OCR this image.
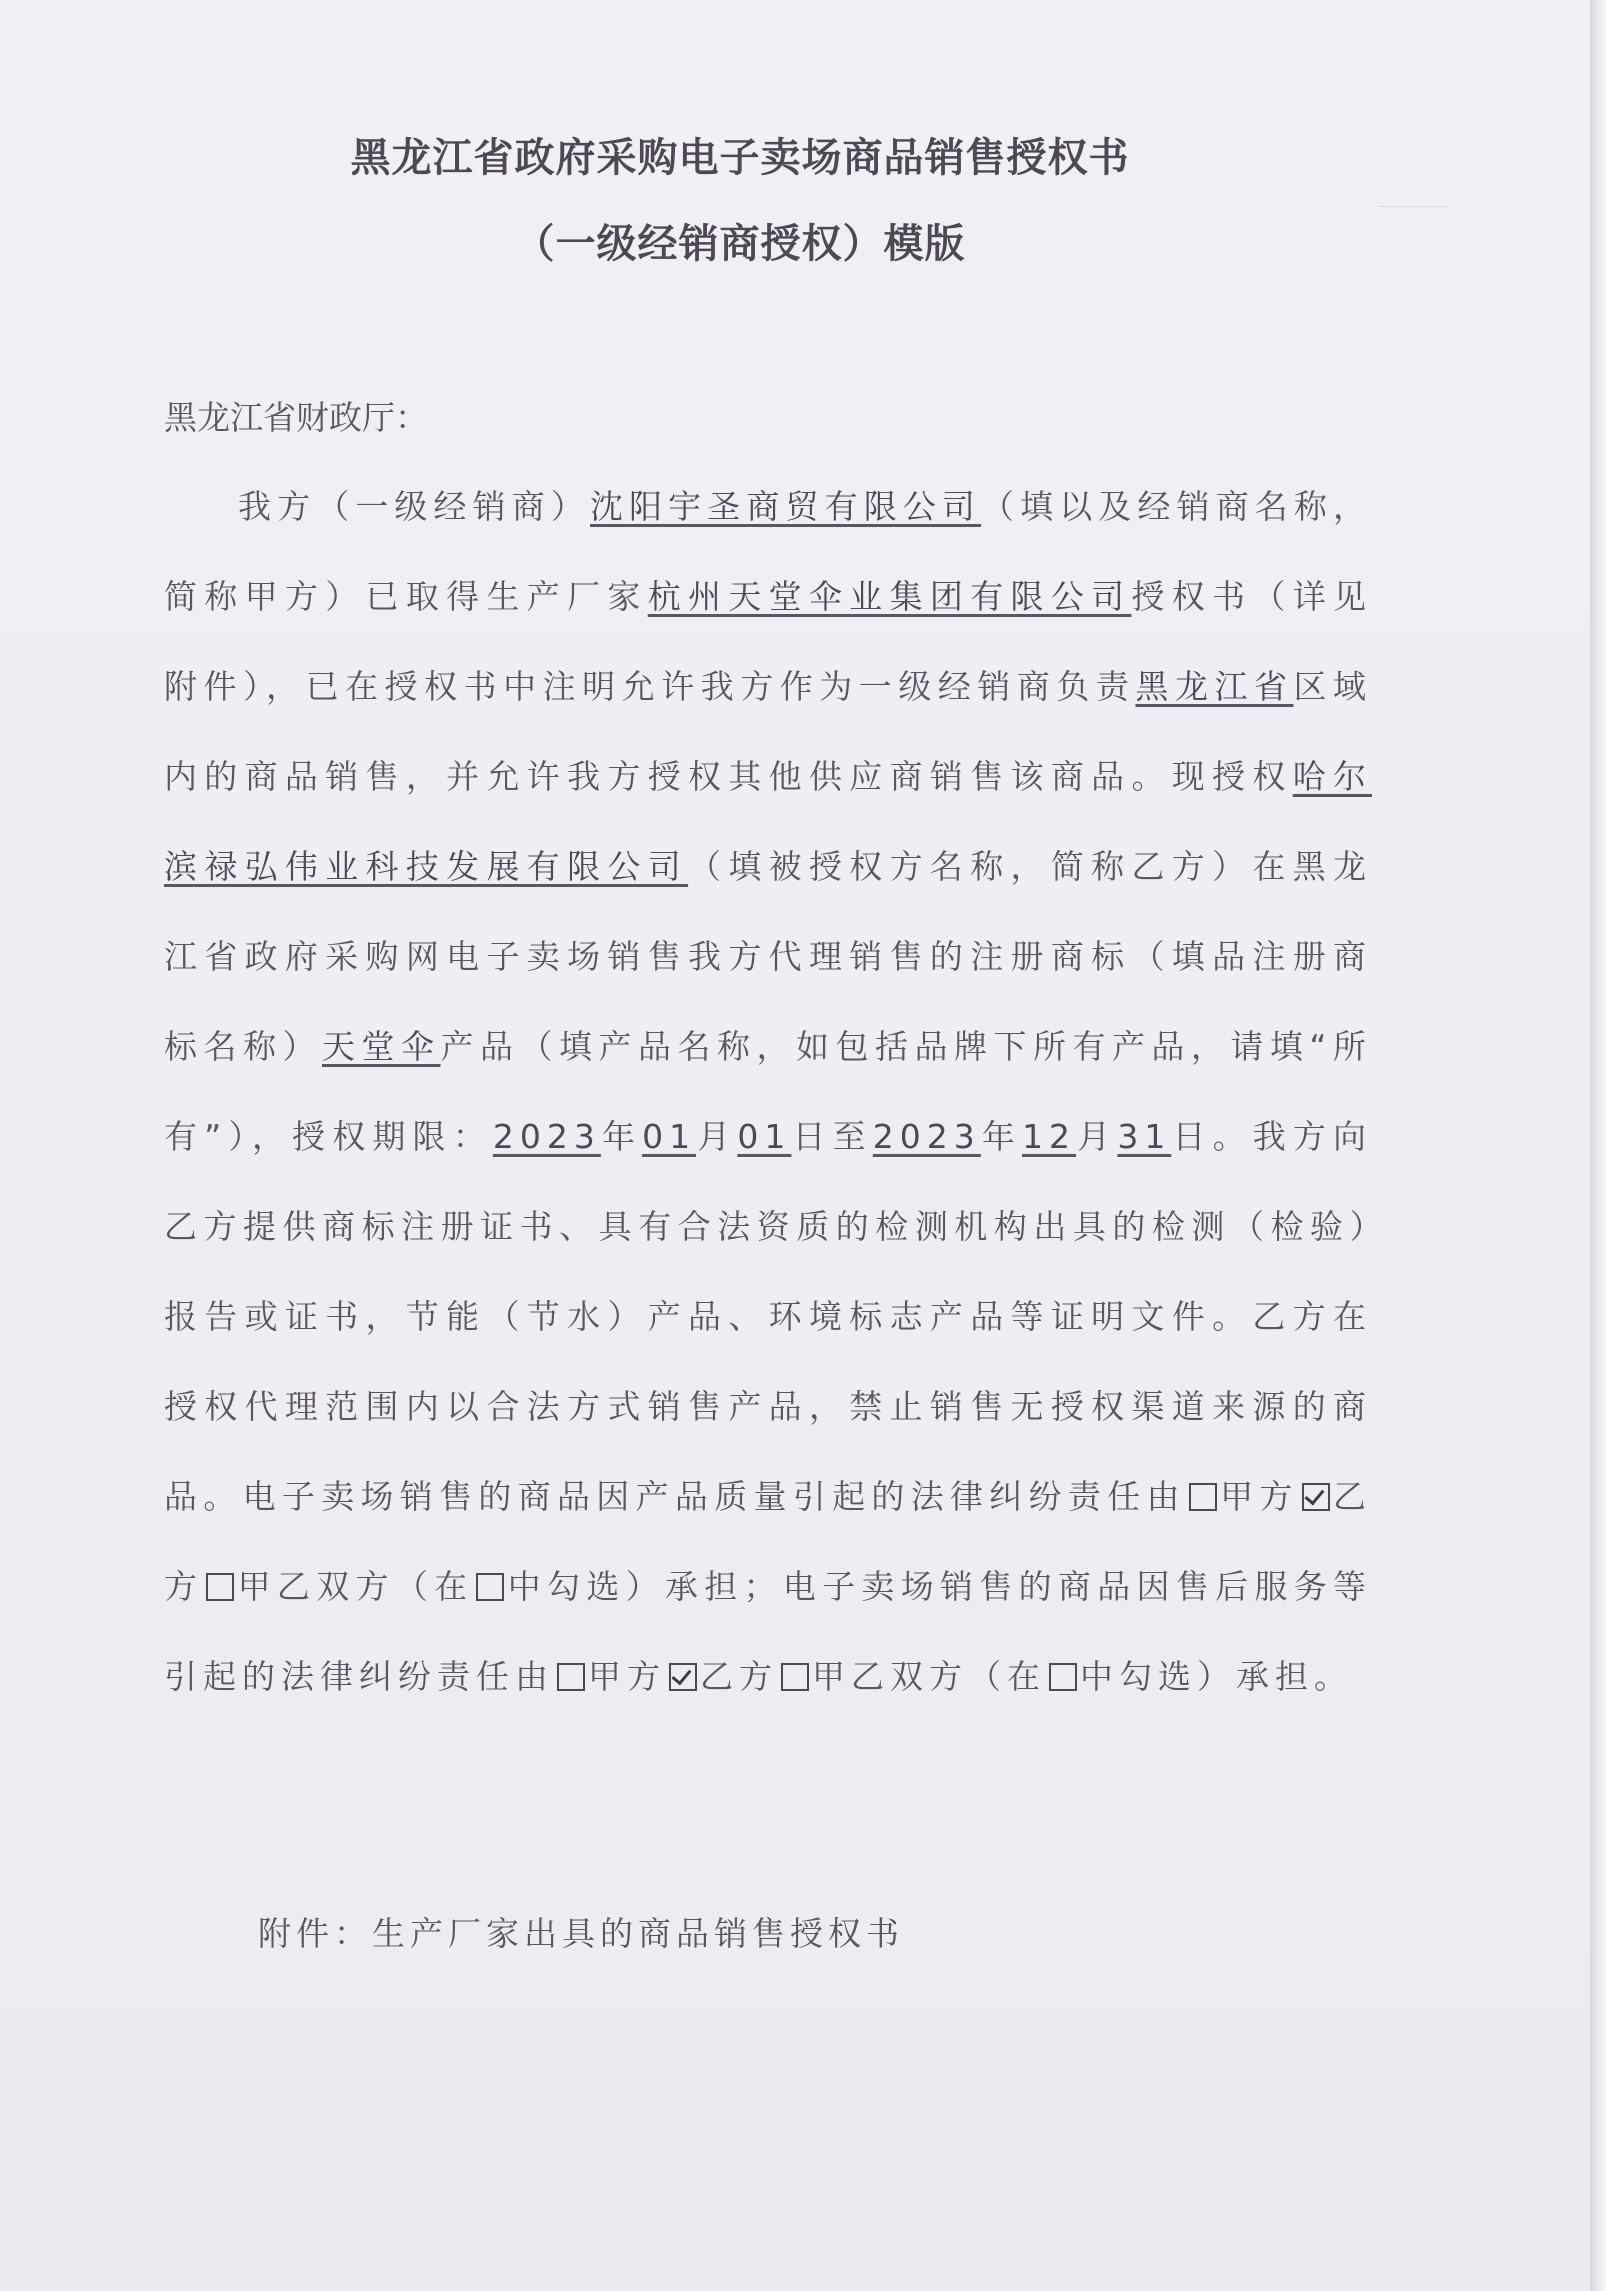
黑龙江省政府采购电子卖场商品销售授权书
（一级经销商授权）模版
黑龙江省财政厅：
我方（一级经销商）沈阳宇圣商贸有限公司（填以及经销商名称，简称甲方）已取得生产厂家杭州天堂伞业集团有限公司授权书（详见附件），已在授权书中注明允许我方作为一级经销商负责黑龙江省区域内的商品销售，并允许我方授权其他供应商销售该商品。现授权哈尔滨禄弘伟业科技发展有限公司（填被授权方名称，简称乙方）在黑龙江省政府采购网电子卖场销售我方代理销售的注册商标（填品注册商标名称）天堂伞产品（填产品名称，如包括品牌下所有产品，请填“所有”），授权期限：2023年01月01日至2023年12月31日。我方向乙方提供商标注册证书、具有合法资质的检测机构出具的检测（检验）报告或证书，节能（节水）产品、环境标志产品等证明文件。乙方在授权代理范围内以合法方式销售产品，禁止销售无授权渠道来源的商品。电子卖场销售的商品因产品质量引起的法律纠纷责任由 甲方 乙方 甲乙双方（在 中勾选）承担；电子卖场销售的商品因售后服务等引起的法律纠纷责任由 甲方 乙方 甲乙双方（在 中勾选）承担。
附件：生产厂家出具的商品销售授权书
